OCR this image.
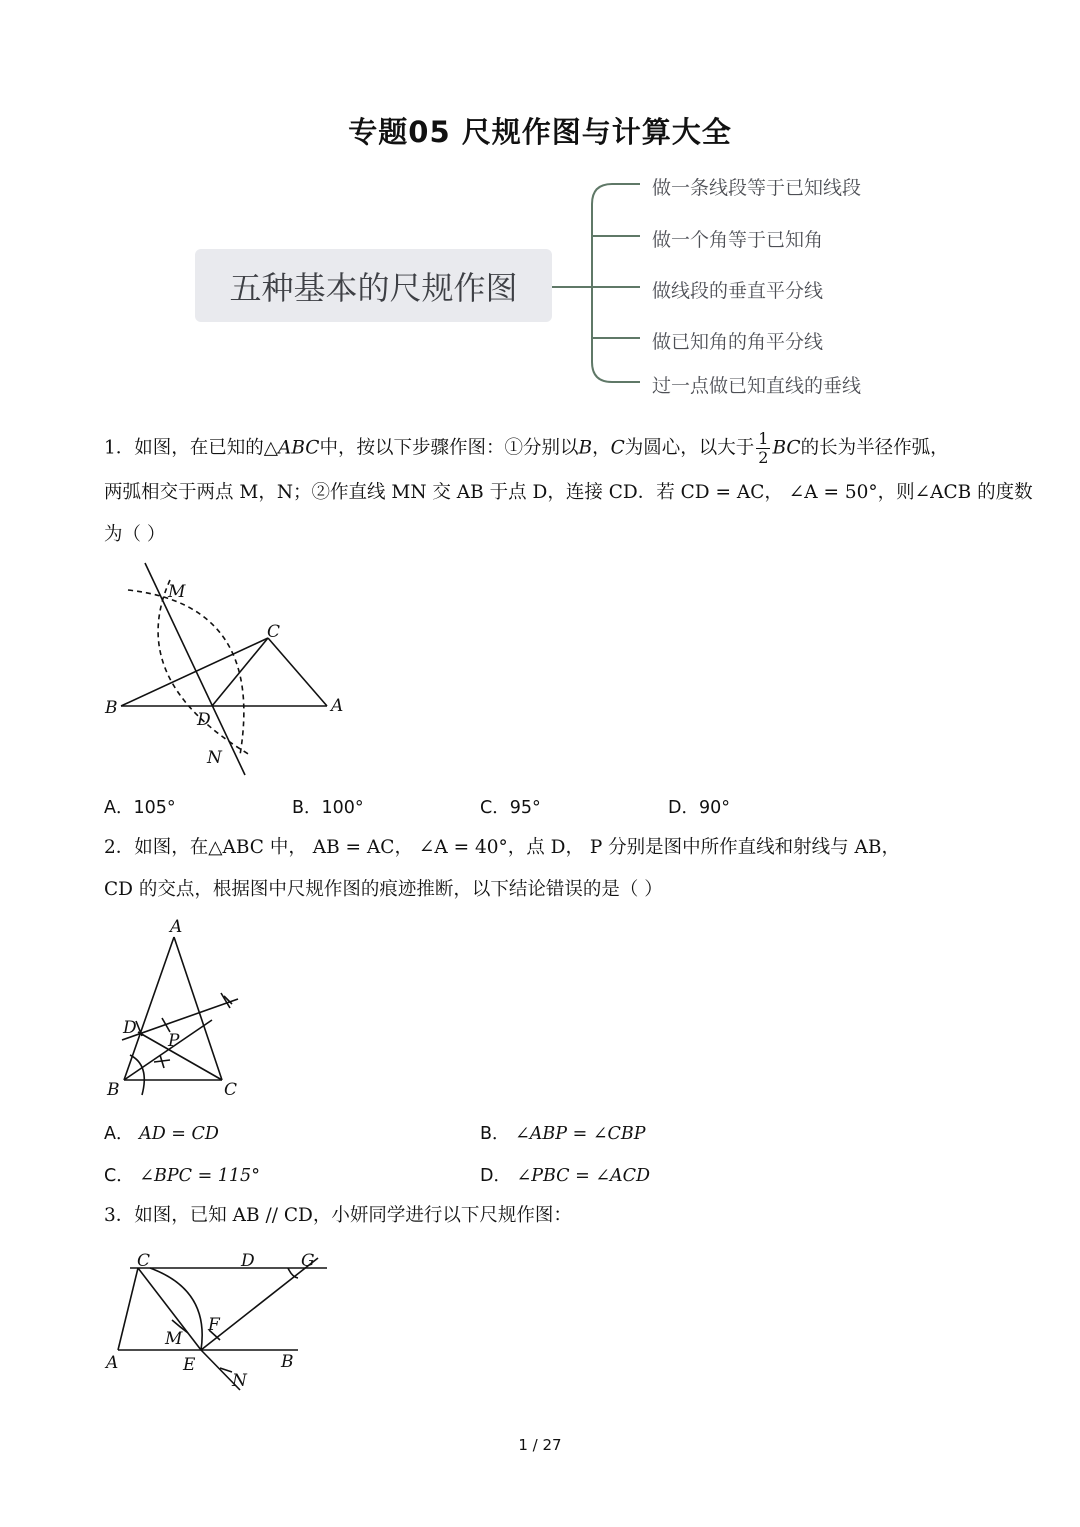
专题05 尺规作图与计算大全
五种基本的尺规作图
做一条线段等于已知线段
做一个角等于已知角
做线段的垂直平分线
做已知角的角平分线
过一点做已知直线的垂线
1．如图，在已知的△ABC中，按以下步骤作图：①分别以B，C为圆心，以大于 $\frac{1}{2}$ BC的长为半径作弧，
两弧相交于两点 M，N；②作直线 MN 交 AB 于点 D，连接 CD．若 CD = AC， ∠A = 50°，则∠ACB 的度数
为（ ）
M
C
B
D
A
N
A．105°	B．100°	C．95°	D．90°
2．如图，在△ABC 中， AB = AC， ∠A = 40°，点 D， P 分别是图中所作直线和射线与 AB，
CD 的交点，根据图中尺规作图的痕迹推断，以下结论错误的是（ ）
A
D
P
B	C
A． AD = CD	B． ∠ABP = ∠CBP
C． ∠BPC = 115°	D． ∠PBC = ∠ACD
3．如图，已知 AB // CD，小妍同学进行以下尺规作图：
C	D	G
F
M
A	E	B
N
1 / 27
